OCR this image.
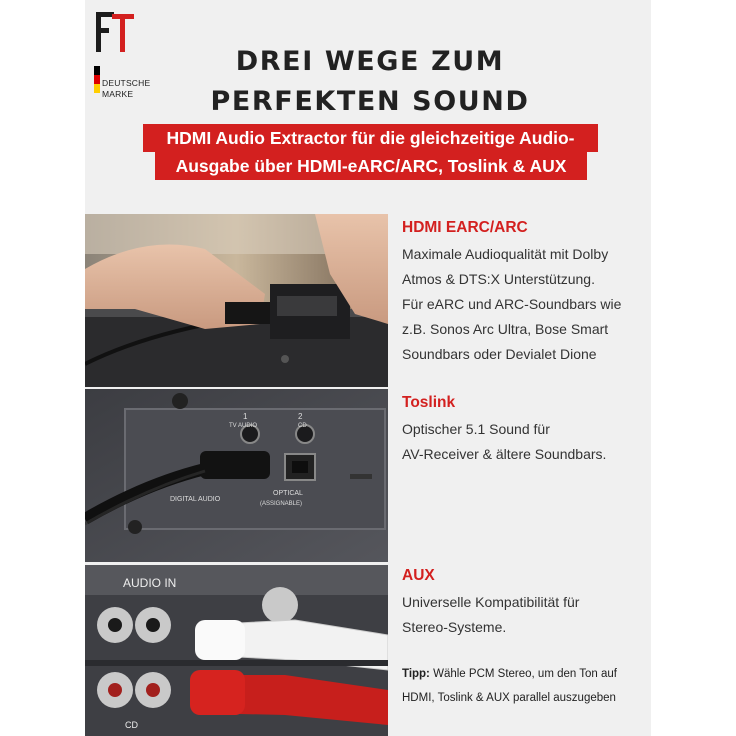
DEUTSCHE
MARKE
DREI WEGE ZUM
PERFEKTEN SOUND
HDMI Audio Extractor für die gleichzeitige Audio-
Ausgabe über HDMI-eARC/ARC, Toslink & AUX
1	2
TV AUDIO	CD
OPTICAL
DIGITAL AUDIO
(ASSIGNABLE)
AUDIO IN
CD
HDMI EARC/ARC
Maximale Audioqualität mit Dolby
Atmos & DTS:X Unterstützung.
Für eARC und ARC-Soundbars wie
z.B. Sonos Arc Ultra, Bose Smart
Soundbars oder Devialet Dione
Toslink
Optischer 5.1 Sound für
AV-Receiver & ältere Soundbars.
AUX
Universelle Kompatibilität für
Stereo-Systeme.
Tipp: Wähle PCM Stereo, um den Ton auf
HDMI, Toslink & AUX parallel auszugeben
